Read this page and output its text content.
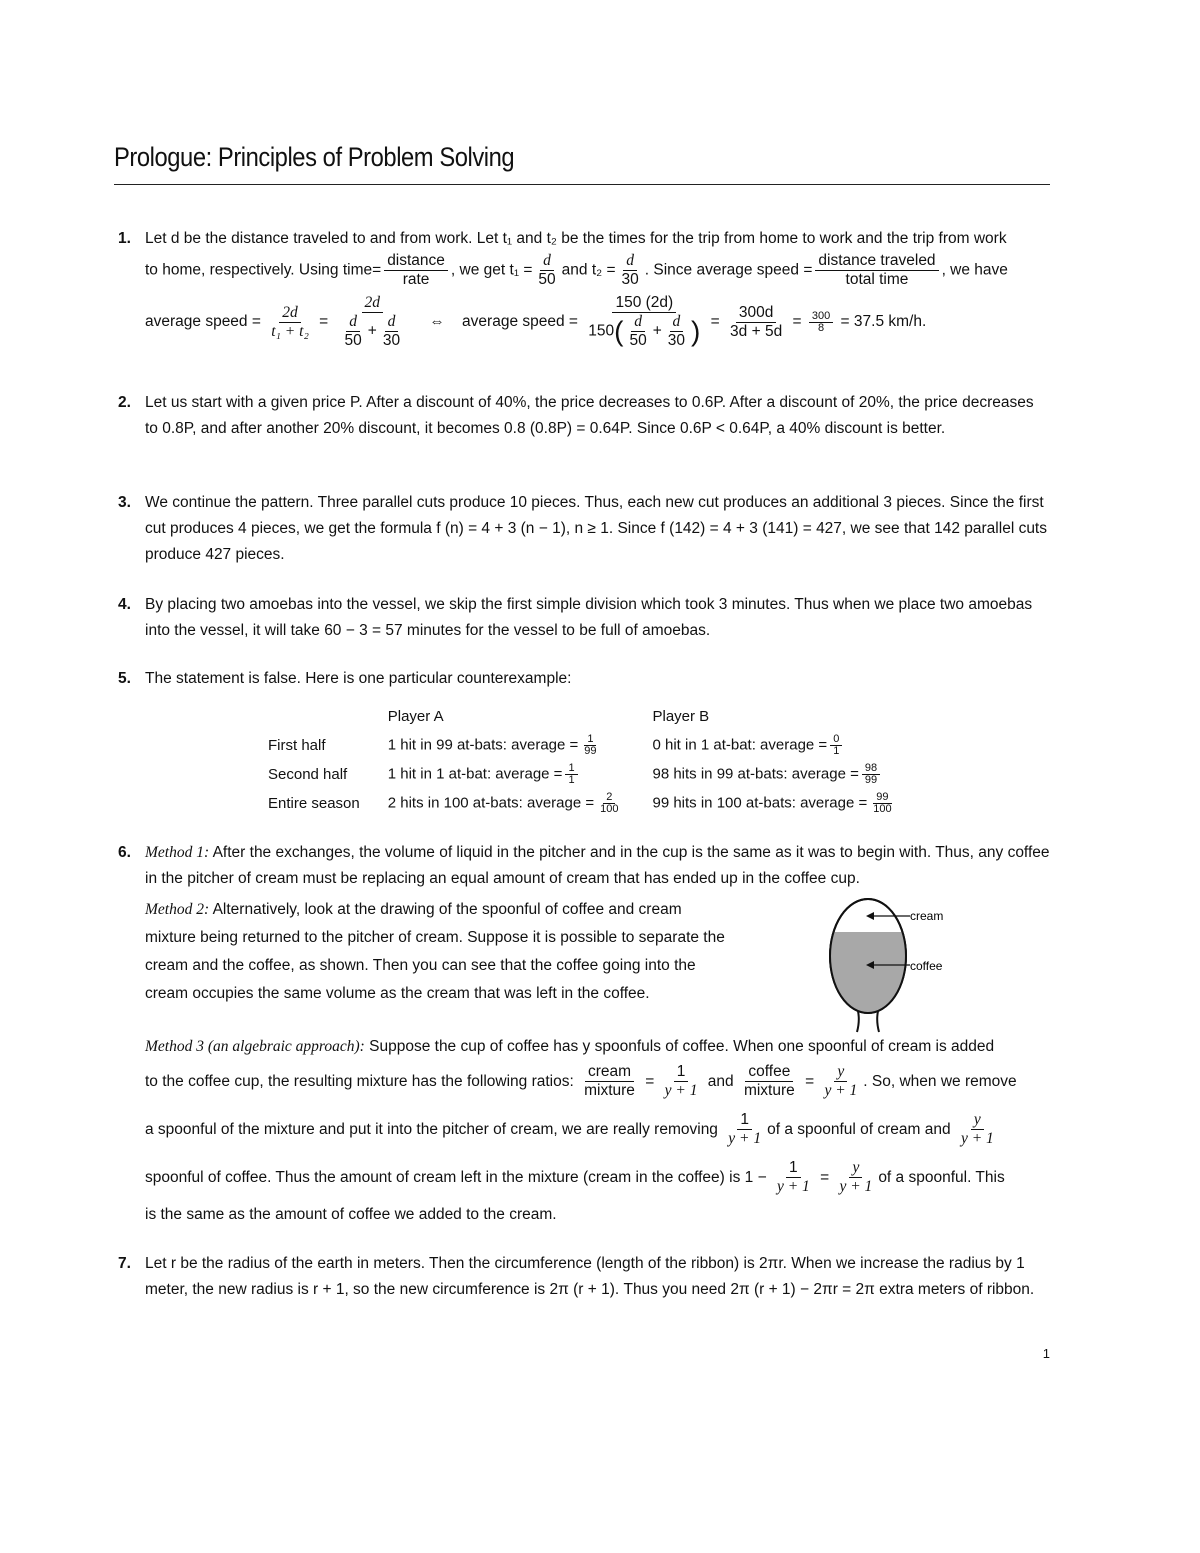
Prologue: Principles of Problem Solving
1. Let d be the distance traveled to and from work. Let t₁ and t₂ be the times for the trip from home to work and the trip from work
to home, respectively. Using time= $\frac{\text{distance}}{\text{rate}}$ , we get $t_1 = \frac{d}{50}$ and $t_2 = \frac{d}{30}$ . Since average speed = $\frac{\text{distance traveled}}{\text{total time}}$ , we have
average speed = $\frac{2d}{\text{t₁ + t₂}} = \frac{2d}{\frac{d}{50} + \frac{d}{30}}$ ⇔ average speed = $\frac{150 (2d)}{150( \frac{d}{50} + \frac{d}{30} )} = \frac{300d}{3d + 5d} = \frac{300}{8} = 37.5$ km/h.
2. Let us start with a given price P. After a discount of 40%, the price decreases to 0.6P. After a discount of 20%, the price decreases to 0.8P, and after another 20% discount, it becomes 0.8 (0.8P) = 0.64P. Since 0.6P < 0.64P, a 40% discount is better.
3. We continue the pattern. Three parallel cuts produce 10 pieces. Thus, each new cut produces an additional 3 pieces. Since the first cut produces 4 pieces, we get the formula f (n) = 4 + 3 (n − 1), n ≥ 1. Since f (142) = 4 + 3 (141) = 427, we see that 142 parallel cuts produce 427 pieces.
4. By placing two amoebas into the vessel, we skip the first simple division which took 3 minutes. Thus when we place two amoebas into the vessel, it will take 60 − 3 = 57 minutes for the vessel to be full of amoebas.
5. The statement is false. Here is one particular counterexample:
	Player A	Player B
First half	1 hit in 99 at-bats: average = $\frac{1}{99}$	0 hit in 1 at-bat: average = $\frac{0}{1}$

Second half	1 hit in 1 at-bat: average = $\frac{1}{1}$	98 hits in 99 at-bats: average = $\frac{98}{99}$

Entire season	2 hits in 100 at-bats: average = $\frac{2}{100}$	99 hits in 100 at-bats: average = $\frac{99}{100}$
6. Method 1: After the exchanges, the volume of liquid in the pitcher and in the cup is the same as it was to begin with. Thus, any coffee in the pitcher of cream must be replacing an equal amount of cream that has ended up in the coffee cup.
Method 2: Alternatively, look at the drawing of the spoonful of coffee and cream mixture being returned to the pitcher of cream. Suppose it is possible to separate the cream and the coffee, as shown. Then you can see that the coffee going into the cream occupies the same volume as the cream that was left in the coffee.
cream
coffee
Method 3 (an algebraic approach): Suppose the cup of coffee has y spoonfuls of coffee. When one spoonful of cream is added
to the coffee cup, the resulting mixture has the following ratios: $\frac{\text{cream}}{\text{mixture}} = \frac{1}{y + 1}$ and $\frac{\text{coffee}}{\text{mixture}} = \frac{y}{y + 1}$ . So, when we remove
a spoonful of the mixture and put it into the pitcher of cream, we are really removing $\frac{1}{y + 1}$ of a spoonful of cream and $\frac{y}{y + 1}$
spoonful of coffee. Thus the amount of cream left in the mixture (cream in the coffee) is $1 - \frac{1}{y + 1} = \frac{y}{y + 1}$ of a spoonful. This
is the same as the amount of coffee we added to the cream.
7. Let r be the radius of the earth in meters. Then the circumference (length of the ribbon) is 2πr. When we increase the radius by 1 meter, the new radius is r + 1, so the new circumference is 2π (r + 1). Thus you need 2π (r + 1) − 2πr = 2π extra meters of ribbon.
1
